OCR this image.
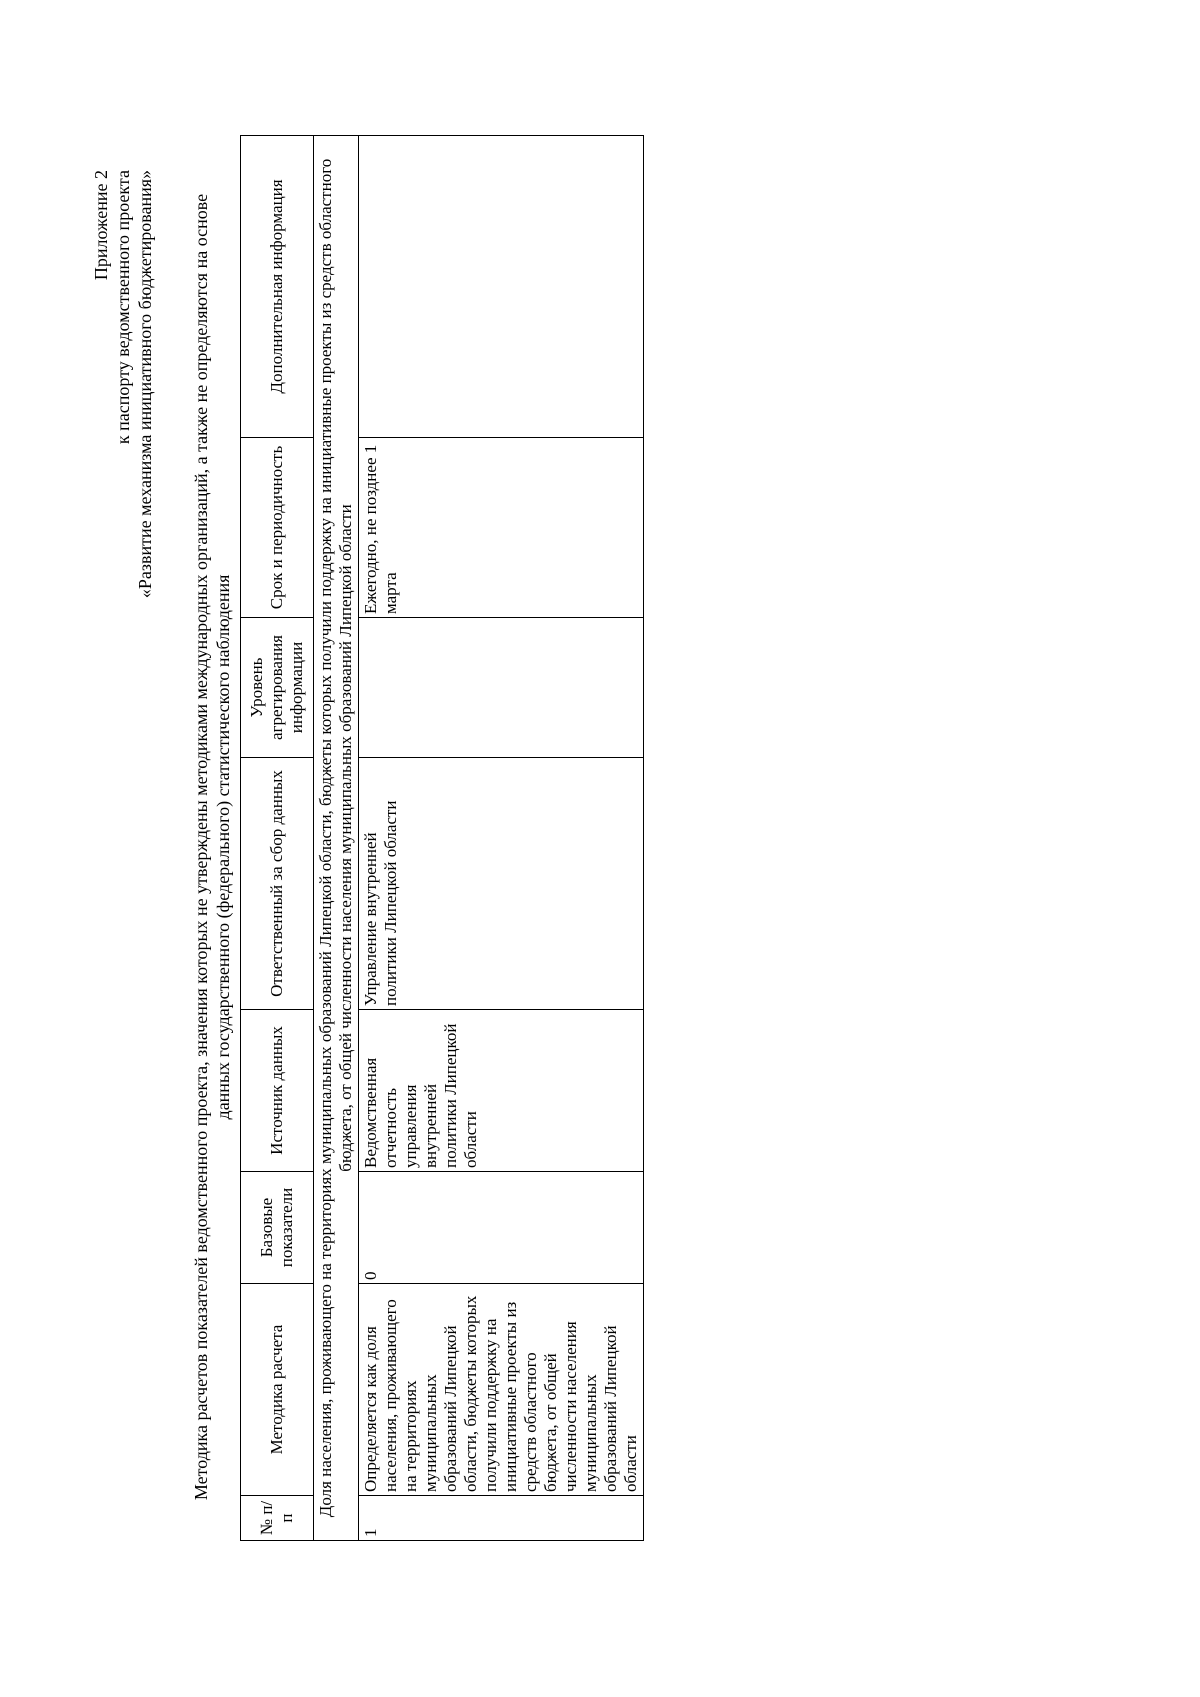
Приложение 2 к паспорту ведомственного проекта «Развитие механизма инициативного бюджетирования» Методика расчетов показателей ведомственного проекта, значения которых не утверждены методиками международных организаций, а также не определяются на основе данных государственного (федерального) статистического наблюдения
№ п/п	Методика расчета	Базовые показатели	Источник данных	Ответственный за сбор данных	Уровень агрегирования информации	Срок и периодичность	Дополнительная информация
Доля населения, проживающего на территориях муниципальных образований Липецкой области, бюджеты которых получили поддержку на инициативные проекты из средств областного бюджета, от общей численности населения муниципальных образований Липецкой области							
1	Определяется как доля населения, проживающего на территориях муниципальных образований Липецкой области, бюджеты которых получили поддержку на инициативные проекты из средств областного бюджета, от общей численности населения муниципальных образований Липецкой области	0	Ведомственная отчетность управления внутренней политики Липецкой области	Управление внутренней политики Липецкой области		Ежегодно, не позднее 1 марта	
